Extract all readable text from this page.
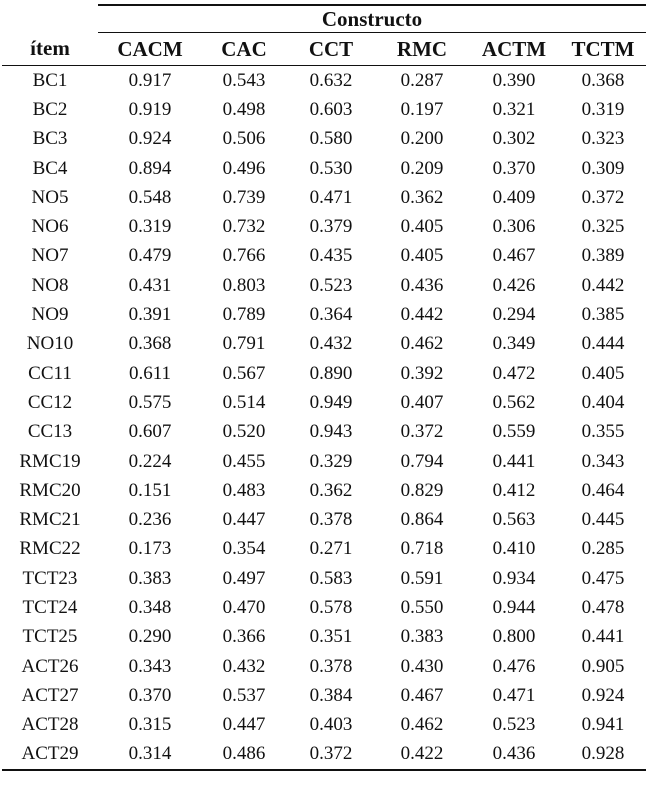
	Constructo					
ítem	CACM	CAC	CCT	RMC	ACTM	TCTM
BC1	0.917	0.543	0.632	0.287	0.390	0.368
BC2	0.919	0.498	0.603	0.197	0.321	0.319
BC3	0.924	0.506	0.580	0.200	0.302	0.323
BC4	0.894	0.496	0.530	0.209	0.370	0.309
NO5	0.548	0.739	0.471	0.362	0.409	0.372
NO6	0.319	0.732	0.379	0.405	0.306	0.325
NO7	0.479	0.766	0.435	0.405	0.467	0.389
NO8	0.431	0.803	0.523	0.436	0.426	0.442
NO9	0.391	0.789	0.364	0.442	0.294	0.385
NO10	0.368	0.791	0.432	0.462	0.349	0.444
CC11	0.611	0.567	0.890	0.392	0.472	0.405
CC12	0.575	0.514	0.949	0.407	0.562	0.404
CC13	0.607	0.520	0.943	0.372	0.559	0.355
RMC19	0.224	0.455	0.329	0.794	0.441	0.343
RMC20	0.151	0.483	0.362	0.829	0.412	0.464
RMC21	0.236	0.447	0.378	0.864	0.563	0.445
RMC22	0.173	0.354	0.271	0.718	0.410	0.285
TCT23	0.383	0.497	0.583	0.591	0.934	0.475
TCT24	0.348	0.470	0.578	0.550	0.944	0.478
TCT25	0.290	0.366	0.351	0.383	0.800	0.441
ACT26	0.343	0.432	0.378	0.430	0.476	0.905
ACT27	0.370	0.537	0.384	0.467	0.471	0.924
ACT28	0.315	0.447	0.403	0.462	0.523	0.941
ACT29	0.314	0.486	0.372	0.422	0.436	0.928
